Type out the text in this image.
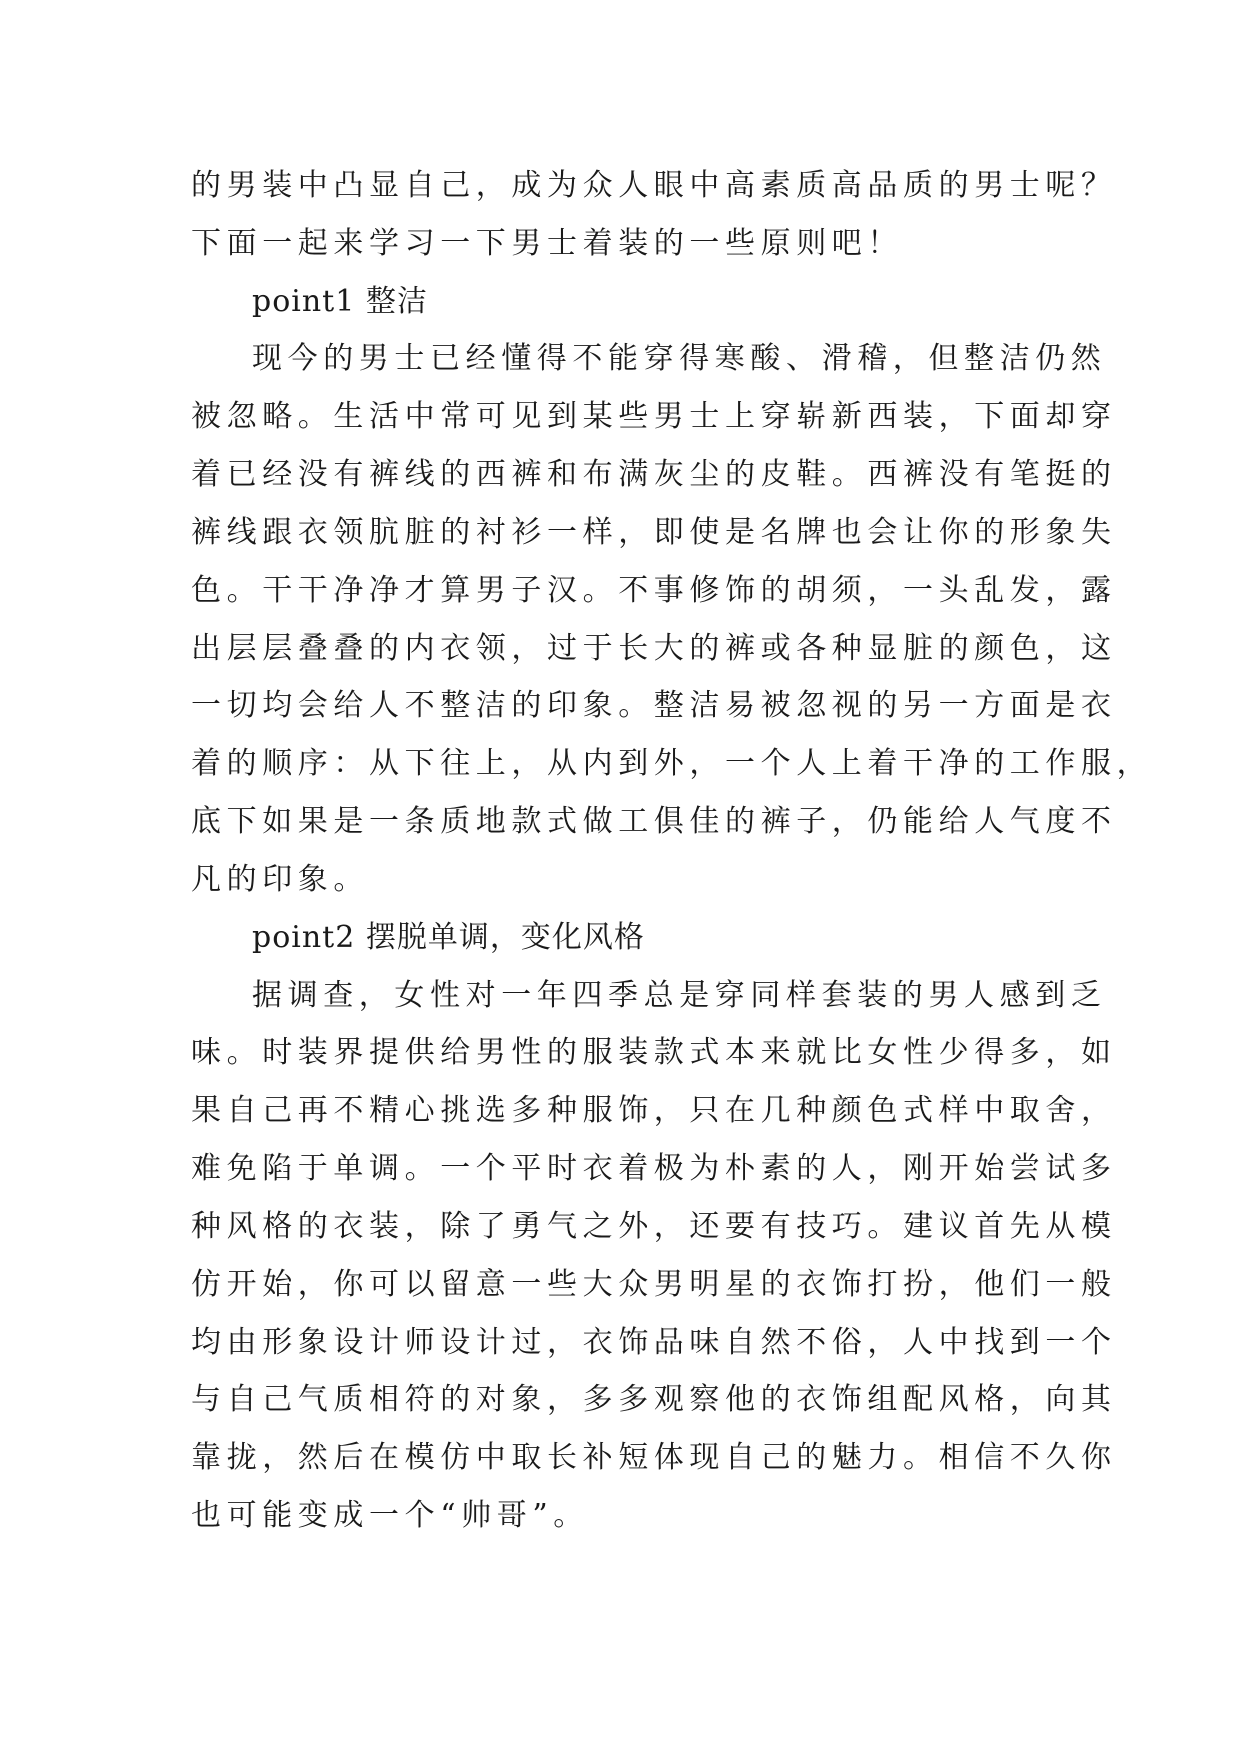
的男装中凸显自己，成为众人眼中高素质高品质的男士呢？

下面一起来学习一下男士着装的一些原则吧！

point1 整洁

现今的男士已经懂得不能穿得寒酸、滑稽，但整洁仍然

被忽略。生活中常可见到某些男士上穿崭新西装，下面却穿

着已经没有裤线的西裤和布满灰尘的皮鞋。西裤没有笔挺的

裤线跟衣领肮脏的衬衫一样，即使是名牌也会让你的形象失

色。干干净净才算男子汉。不事修饰的胡须，一头乱发，露

出层层叠叠的内衣领，过于长大的裤或各种显脏的颜色，这

一切均会给人不整洁的印象。整洁易被忽视的另一方面是衣

着的顺序：从下往上，从内到外，一个人上着干净的工作服，

底下如果是一条质地款式做工俱佳的裤子，仍能给人气度不

凡的印象。

point2 摆脱单调，变化风格

据调查，女性对一年四季总是穿同样套装的男人感到乏

味。时装界提供给男性的服装款式本来就比女性少得多，如

果自己再不精心挑选多种服饰，只在几种颜色式样中取舍，

难免陷于单调。一个平时衣着极为朴素的人，刚开始尝试多

种风格的衣装，除了勇气之外，还要有技巧。建议首先从模

仿开始，你可以留意一些大众男明星的衣饰打扮，他们一般

均由形象设计师设计过，衣饰品味自然不俗，人中找到一个

与自己气质相符的对象，多多观察他的衣饰组配风格，向其

靠拢，然后在模仿中取长补短体现自己的魅力。相信不久你

也可能变成一个“帅哥”。
